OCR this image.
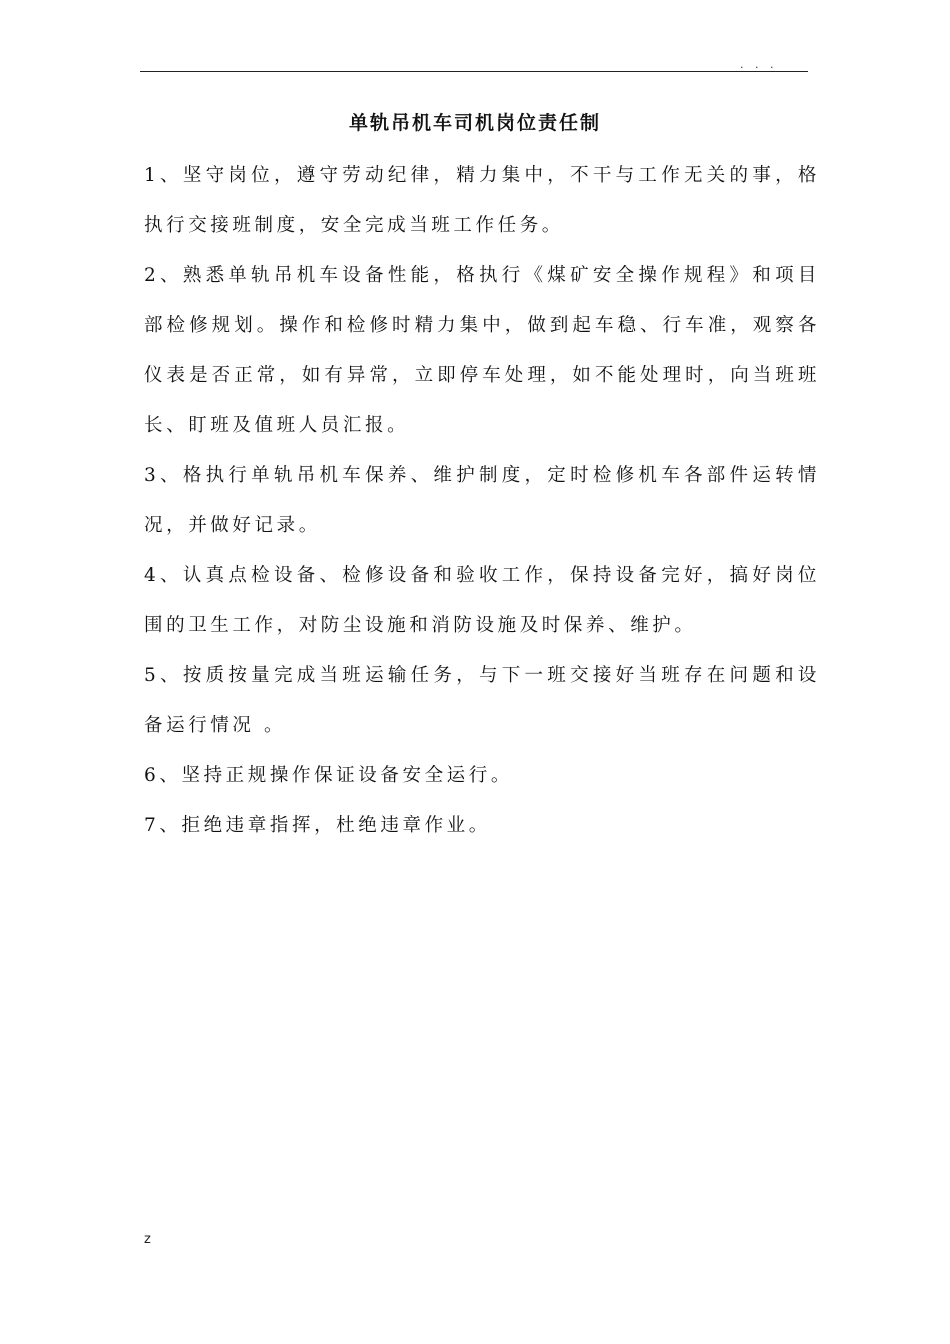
. . .
单轨吊机车司机岗位责任制

1、坚守岗位，遵守劳动纪律，精力集中，不干与工作无关的事，格执行交接班制度，安全完成当班工作任务。

2、熟悉单轨吊机车设备性能，格执行《煤矿安全操作规程》和项目部检修规划。操作和检修时精力集中，做到起车稳、行车准，观察各仪表是否正常，如有异常，立即停车处理，如不能处理时，向当班班长、盯班及值班人员汇报。

3、格执行单轨吊机车保养、维护制度，定时检修机车各部件运转情况，并做好记录。

4、认真点检设备、检修设备和验收工作，保持设备完好，搞好岗位围的卫生工作，对防尘设施和消防设施及时保养、维护。

5、按质按量完成当班运输任务，与下一班交接好当班存在问题和设备运行情况 。

6、坚持正规操作保证设备安全运行。

7、拒绝违章指挥，杜绝违章作业。

z
